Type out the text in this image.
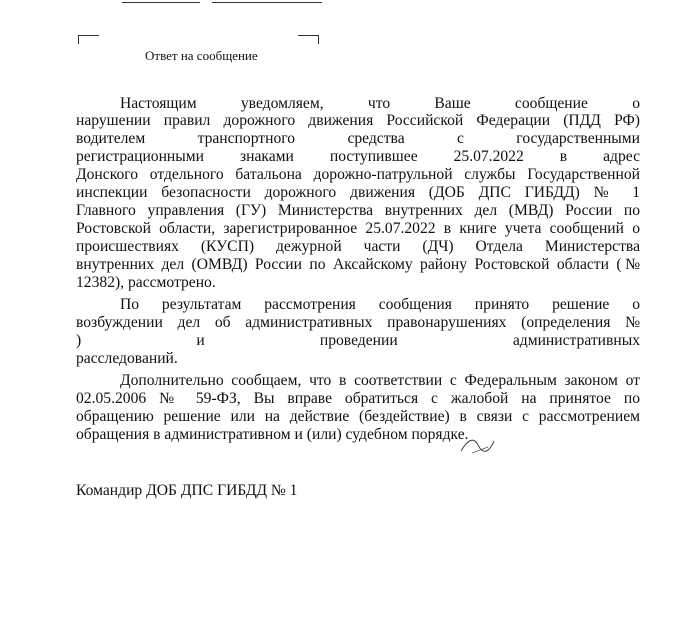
Ответ на сообщение
Настоящим уведомляем, что Ваше сообщение о
нарушении правил дорожного движения Российской Федерации (ПДД РФ)
водителем транспортного средства с государственными
регистрационными знаками поступившее 25.07.2022 в адрес
Донского отдельного батальона дорожно-патрульной службы Государственной
инспекции безопасности дорожного движения (ДОБ ДПС ГИБДД) № 1
Главного управления (ГУ) Министерства внутренних дел (МВД) России по
Ростовской области, зарегистрированное 25.07.2022 в книге учета сообщений о
происшествиях (КУСП) дежурной части (ДЧ) Отдела Министерства
внутренних дел (ОМВД) России по Аксайскому району Ростовской области (№
12382), рассмотрено.
По результатам рассмотрения сообщения принято решение о
возбуждении дел об административных правонарушениях (определения №
) и проведении административных
расследований.
Дополнительно сообщаем, что в соответствии с Федеральным законом от
02.05.2006 № 59-ФЗ, Вы вправе обратиться с жалобой на принятое по
обращению решение или на действие (бездействие) в связи с рассмотрением
обращения в административном и (или) судебном порядке.
Командир ДОБ ДПС ГИБДД № 1
